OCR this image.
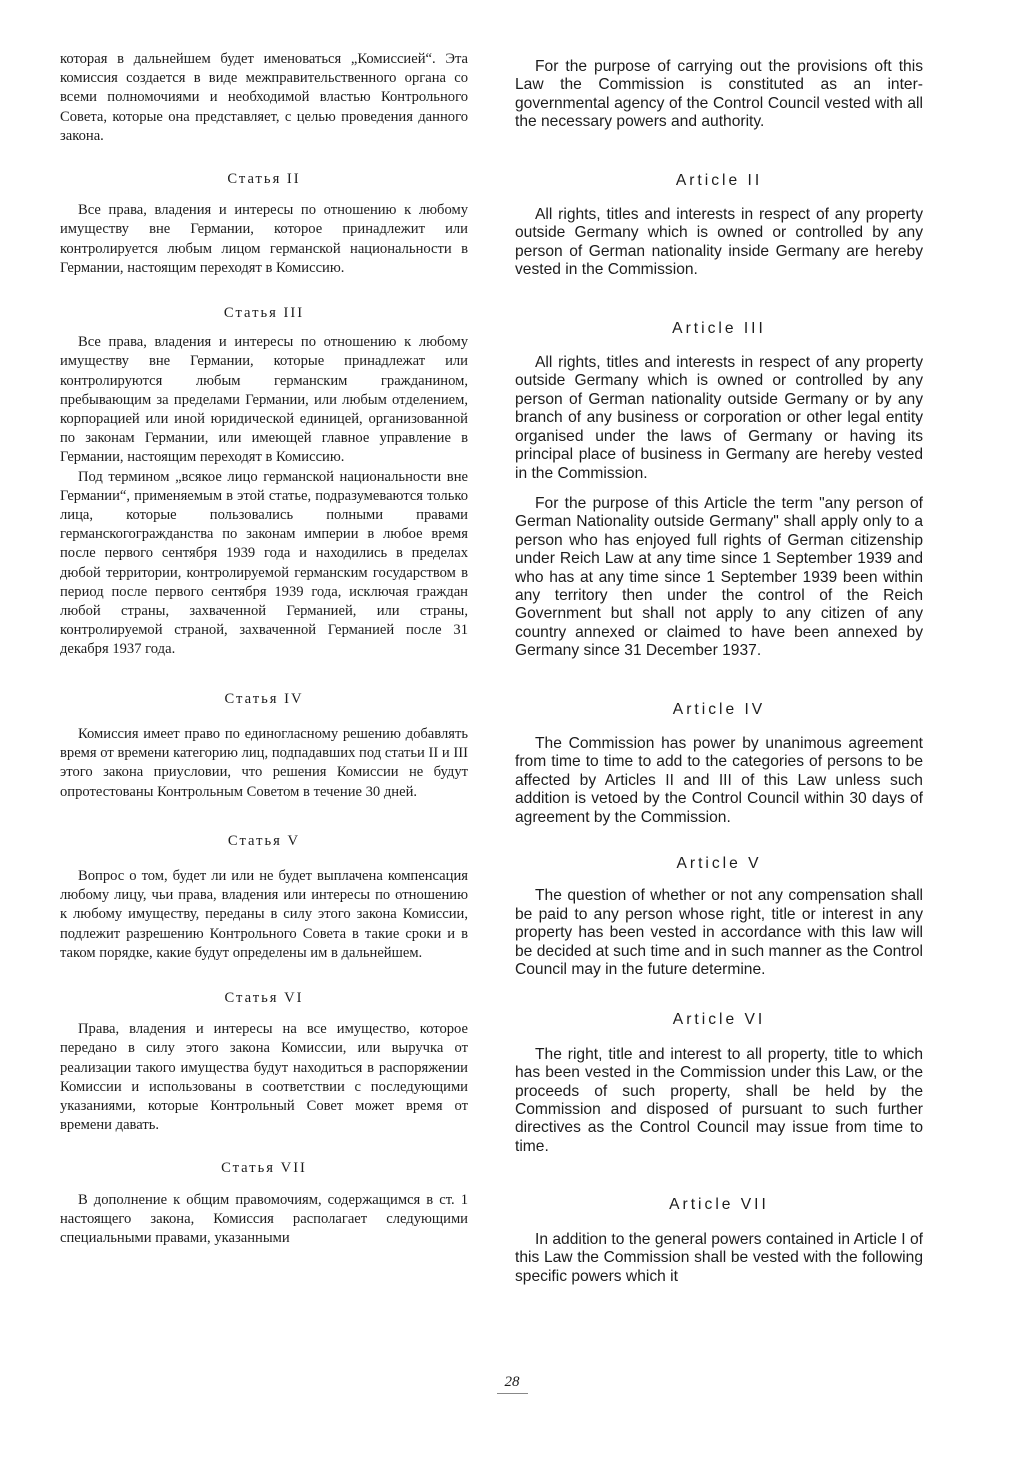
которая в дальнейшем будет именоваться „Комиссией“. Эта комиссия создается в виде межправительственного органа со всеми полномочиями и необходимой властью Контрольного Совета, которые она представляет, с целью проведения данного закона.

Статья II

Все права, владения и интересы по отношению к любому имуществу вне Германии, которое принадлежит или контролируется любым лицом германской национальности в Германии, настоящим переходят в Комиссию.

Статья III

Все права, владения и интересы по отношению к любому имуществу вне Германии, которые принадлежат или контролируются любым германским гражданином, пребывающим за пределами Германии, или любым отделением, корпорацией или иной юридической единицей, организованной по законам Германии, или имеющей главное управление в Германии, настоящим переходят в Комиссию.

Под термином „всякое лицо германской национальности вне Германии“, применяемым в этой статье, подразумеваются только лица, которые пользовались полными правами германскогогражданства по законам империи в любое время после первого сентября 1939 года и находились в пределах дюбой территории, контролируемой германским государством в период после первого сентября 1939 года, исключая граждан любой страны, захваченной Германией, или страны, контролируемой страной, захваченной Германией после 31 декабря 1937 года.

Статья IV

Комиссия имеет право по единогласному решению добавлять время от времени категорию лиц, подпадавших под статьи II и III этого закона приусловии, что решения Комиссии не будут опротестованы Контрольным Советом в течение 30 дней.

Статья V

Вопрос о том, будет ли или не будет выплачена компенсация любому лицу, чьи права, владения или интересы по отношению к любому имуществу, переданы в силу этого закона Комиссии, подлежит разрешению Контрольного Совета в такие сроки и в таком порядке, какие будут определены им в дальнейшем.

Статья VI

Права, владения и интересы на все имущество, которое передано в силу этого закона Комиссии, или выручка от реализации такого имущества будут находиться в распоряжении Комиссии и использованы в соответствии с последующими указаниями, которые Контрольный Совет может время от времени давать.

Статья VII

В дополнение к общим правомочиям, содержащимся в ст. 1 настоящего закона, Комиссия располагает следующими специальными правами, указанными

For the purpose of carrying out the provisions oft this Law the Commission is constituted as an inter-governmental agency of the Control Council vested with all the necessary powers and authority.

Article II

All rights, titles and interests in respect of any property outside Germany which is owned or controlled by any person of German nationality inside Germany are hereby vested in the Commission.

Article III

All rights, titles and interests in respect of any property outside Germany which is owned or controlled by any person of German nationality outside Germany or by any branch of any business or corporation or other legal entity organised under the laws of Germany or having its principal place of business in Germany are hereby vested in the Commission.

For the purpose of this Article the term "any person of German Nationality outside Germany" shall apply only to a person who has enjoyed full rights of German citizenship under Reich Law at any time since 1 September 1939 and who has at any time since 1 September 1939 been within any territory then under the control of the Reich Government but shall not apply to any citizen of any country annexed or claimed to have been annexed by Germany since 31 December 1937.

Article IV

The Commission has power by unanimous agreement from time to time to add to the categories of persons to be affected by Articles II and III of this Law unless such addition is vetoed by the Control Council within 30 days of agreement by the Commission.

Article V

The question of whether or not any compensation shall be paid to any person whose right, title or interest in any property has been vested in accordance with this law will be decided at such time and in such manner as the Control Council may in the future determine.

Article VI

The right, title and interest to all property, title to which has been vested in the Commission under this Law, or the proceeds of such property, shall be held by the Commission and disposed of pursuant to such further directives as the Control Council may issue from time to time.

Article VII

In addition to the general powers contained in Article I of this Law the Commission shall be vested with the following specific powers which it

28
